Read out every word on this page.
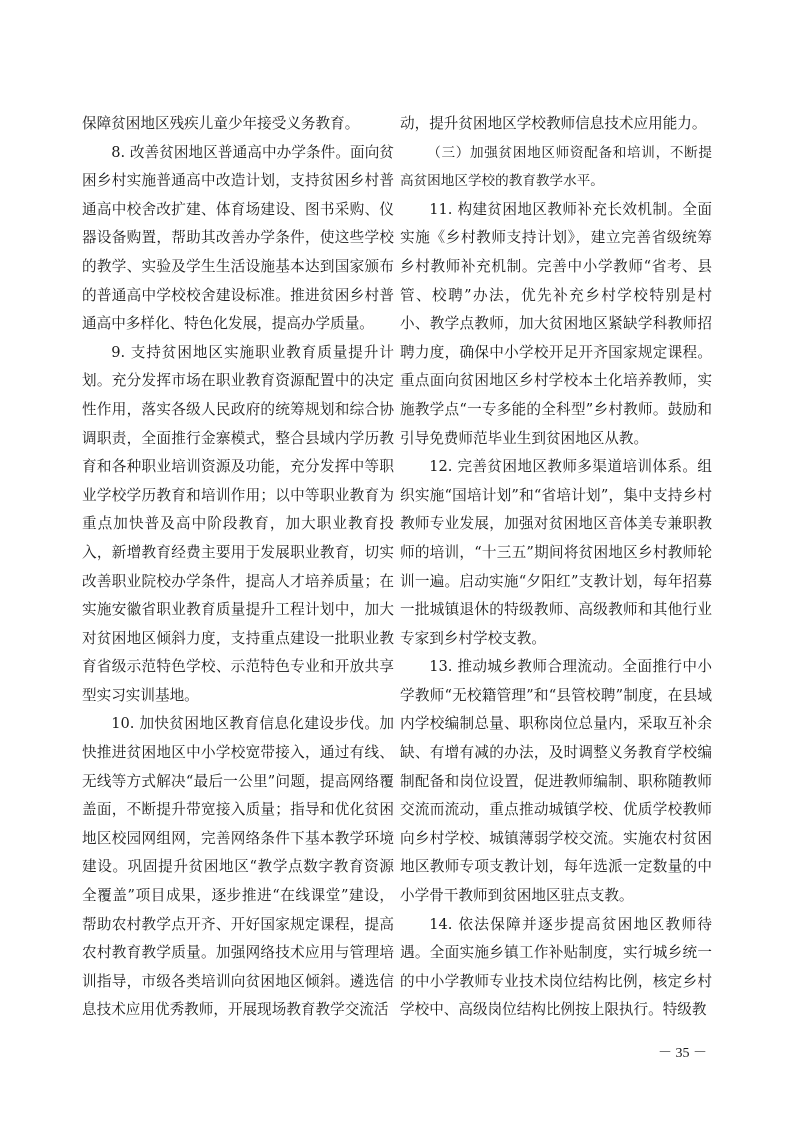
保障贫困地区残疾儿童少年接受义务教育。

8. 改善贫困地区普通高中办学条件。面向贫困乡村实施普通高中改造计划，支持贫困乡村普通高中校舍改扩建、体育场建设、图书采购、仪器设备购置，帮助其改善办学条件，使这些学校的教学、实验及学生生活设施基本达到国家颁布的普通高中学校校舍建设标准。推进贫困乡村普通高中多样化、特色化发展，提高办学质量。

9. 支持贫困地区实施职业教育质量提升计划。充分发挥市场在职业教育资源配置中的决定性作用，落实各级人民政府的统筹规划和综合协调职责，全面推行金寨模式，整合县域内学历教育和各种职业培训资源及功能，充分发挥中等职业学校学历教育和培训作用；以中等职业教育为重点加快普及高中阶段教育，加大职业教育投入，新增教育经费主要用于发展职业教育，切实改善职业院校办学条件，提高人才培养质量；在实施安徽省职业教育质量提升工程计划中，加大对贫困地区倾斜力度，支持重点建设一批职业教育省级示范特色学校、示范特色专业和开放共享型实习实训基地。

10. 加快贫困地区教育信息化建设步伐。加快推进贫困地区中小学校宽带接入，通过有线、无线等方式解决“最后一公里”问题，提高网络覆盖面，不断提升带宽接入质量；指导和优化贫困地区校园网组网，完善网络条件下基本教学环境建设。巩固提升贫困地区“教学点数字教育资源全覆盖”项目成果，逐步推进“在线课堂”建设，帮助农村教学点开齐、开好国家规定课程，提高农村教育教学质量。加强网络技术应用与管理培训指导，市级各类培训向贫困地区倾斜。遴选信息技术应用优秀教师，开展现场教育教学交流活

动，提升贫困地区学校教师信息技术应用能力。

（三）加强贫困地区师资配备和培训，不断提高贫困地区学校的教育教学水平。

11. 构建贫困地区教师补充长效机制。全面实施《乡村教师支持计划》，建立完善省级统筹乡村教师补充机制。完善中小学教师“省考、县管、校聘”办法，优先补充乡村学校特别是村小、教学点教师，加大贫困地区紧缺学科教师招聘力度，确保中小学校开足开齐国家规定课程。重点面向贫困地区乡村学校本土化培养教师，实施教学点“一专多能的全科型”乡村教师。鼓励和引导免费师范毕业生到贫困地区从教。

12. 完善贫困地区教师多渠道培训体系。组织实施“国培计划”和“省培计划”，集中支持乡村教师专业发展，加强对贫困地区音体美专兼职教师的培训，“十三五”期间将贫困地区乡村教师轮训一遍。启动实施“夕阳红”支教计划，每年招募一批城镇退休的特级教师、高级教师和其他行业专家到乡村学校支教。

13. 推动城乡教师合理流动。全面推行中小学教师“无校籍管理”和“县管校聘”制度，在县域内学校编制总量、职称岗位总量内，采取互补余缺、有增有减的办法，及时调整义务教育学校编制配备和岗位设置，促进教师编制、职称随教师交流而流动，重点推动城镇学校、优质学校教师向乡村学校、城镇薄弱学校交流。实施农村贫困地区教师专项支教计划，每年选派一定数量的中小学骨干教师到贫困地区驻点支教。

14. 依法保障并逐步提高贫困地区教师待遇。全面实施乡镇工作补贴制度，实行城乡统一的中小学教师专业技术岗位结构比例，核定乡村学校中、高级岗位结构比例按上限执行。特级教

－ 35 －
